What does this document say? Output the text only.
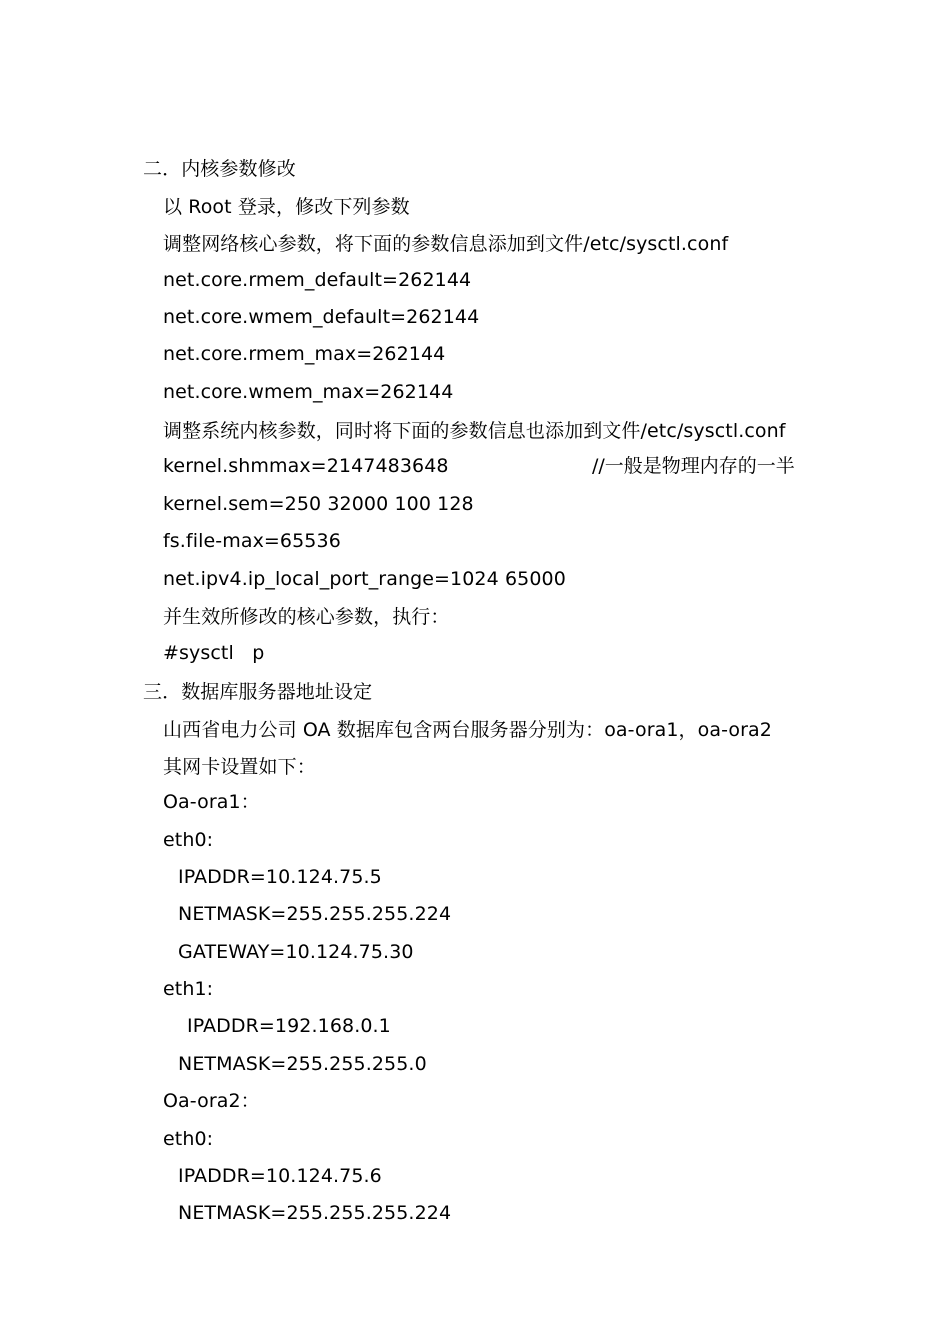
二．内核参数修改
以 Root 登录，修改下列参数
调整网络核心参数，将下面的参数信息添加到文件/etc/sysctl.conf
net.core.rmem_default=262144
net.core.wmem_default=262144
net.core.rmem_max=262144
net.core.wmem_max=262144
调整系统内核参数，同时将下面的参数信息也添加到文件/etc/sysctl.conf
kernel.shmmax=2147483648	//一般是物理内存的一半
kernel.sem=250 32000 100 128
fs.file-max=65536
net.ipv4.ip_local_port_range=1024 65000
并生效所修改的核心参数，执行：
#sysctl   p
三．数据库服务器地址设定
山西省电力公司 OA 数据库包含两台服务器分别为：oa-ora1，oa-ora2
其网卡设置如下：
Oa-ora1：
eth0:
IPADDR=10.124.75.5
NETMASK=255.255.255.224
GATEWAY=10.124.75.30
eth1:
IPADDR=192.168.0.1
NETMASK=255.255.255.0
Oa-ora2：
eth0:
IPADDR=10.124.75.6
NETMASK=255.255.255.224
